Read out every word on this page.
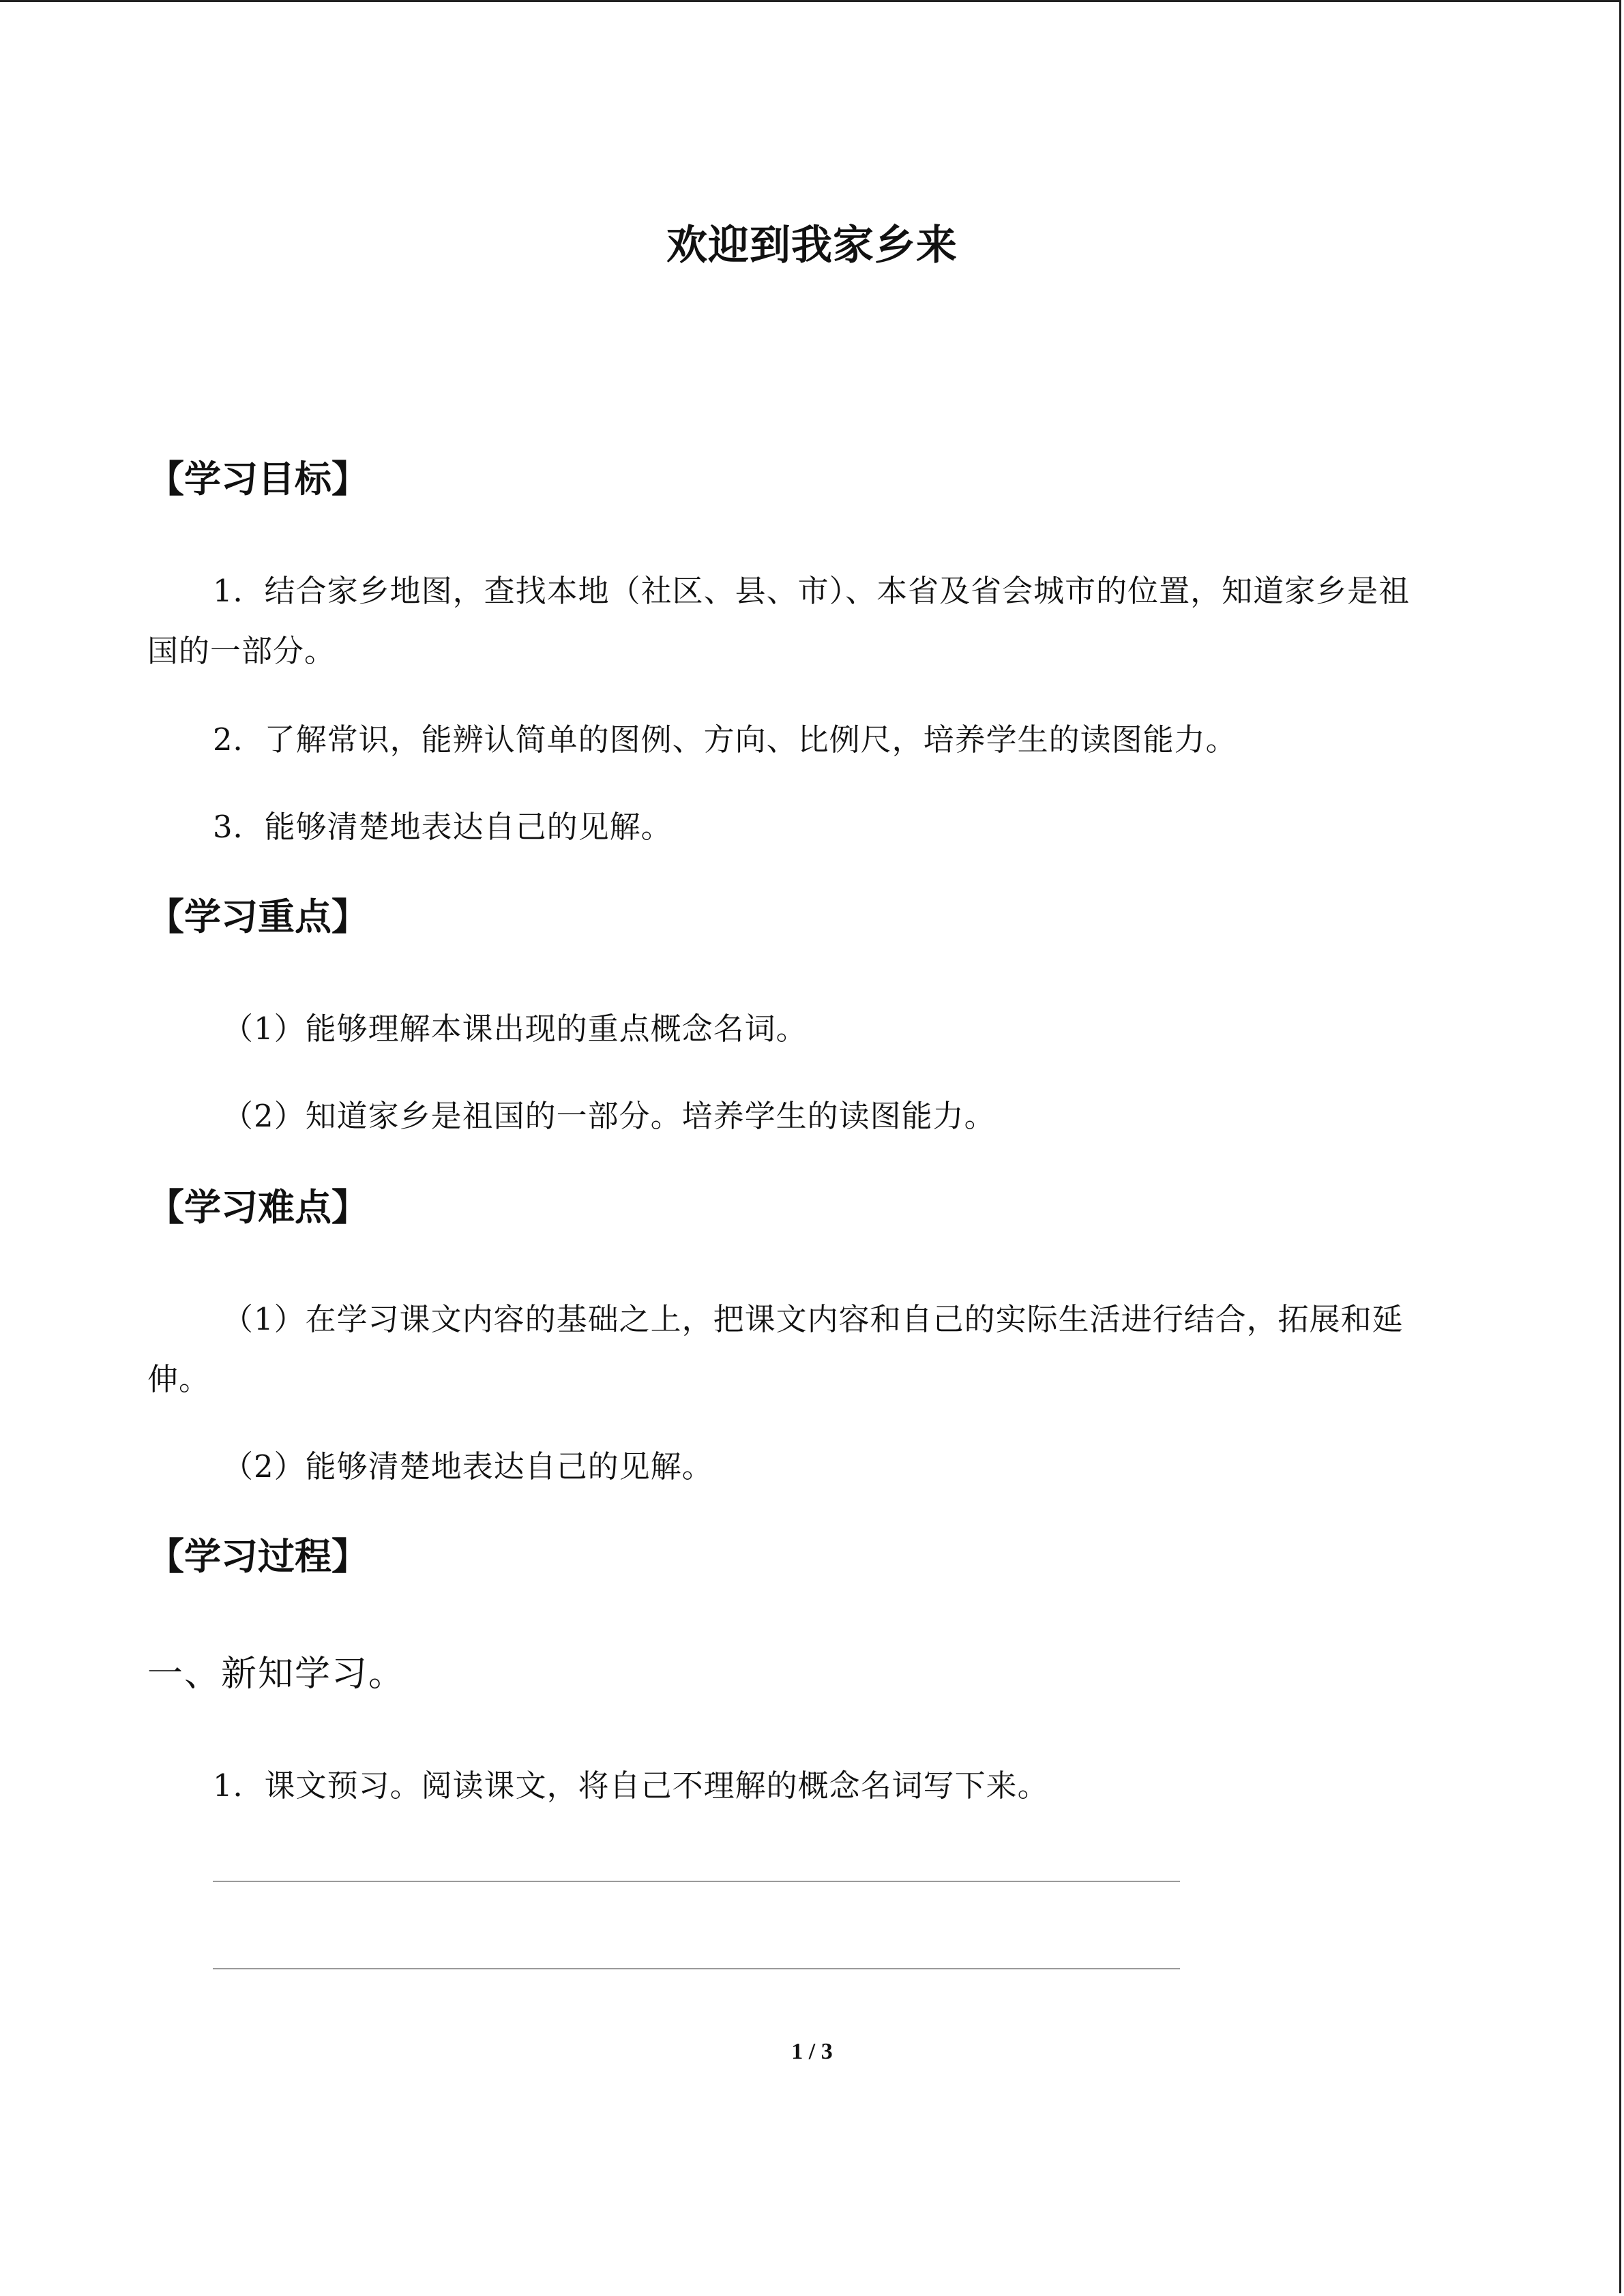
欢迎到我家乡来
【学习目标】
1．结合家乡地图，查找本地（社区、县、市）、本省及省会城市的位置，知道家乡是祖
国的一部分。
2．了解常识，能辨认简单的图例、方向、比例尺，培养学生的读图能力。
3．能够清楚地表达自己的见解。
【学习重点】
（1）能够理解本课出现的重点概念名词。
（2）知道家乡是祖国的一部分。培养学生的读图能力。
【学习难点】
（1）在学习课文内容的基础之上，把课文内容和自己的实际生活进行结合，拓展和延
伸。
（2）能够清楚地表达自己的见解。
【学习过程】
一、新知学习。
1．课文预习。阅读课文，将自己不理解的概念名词写下来。
1 / 3
